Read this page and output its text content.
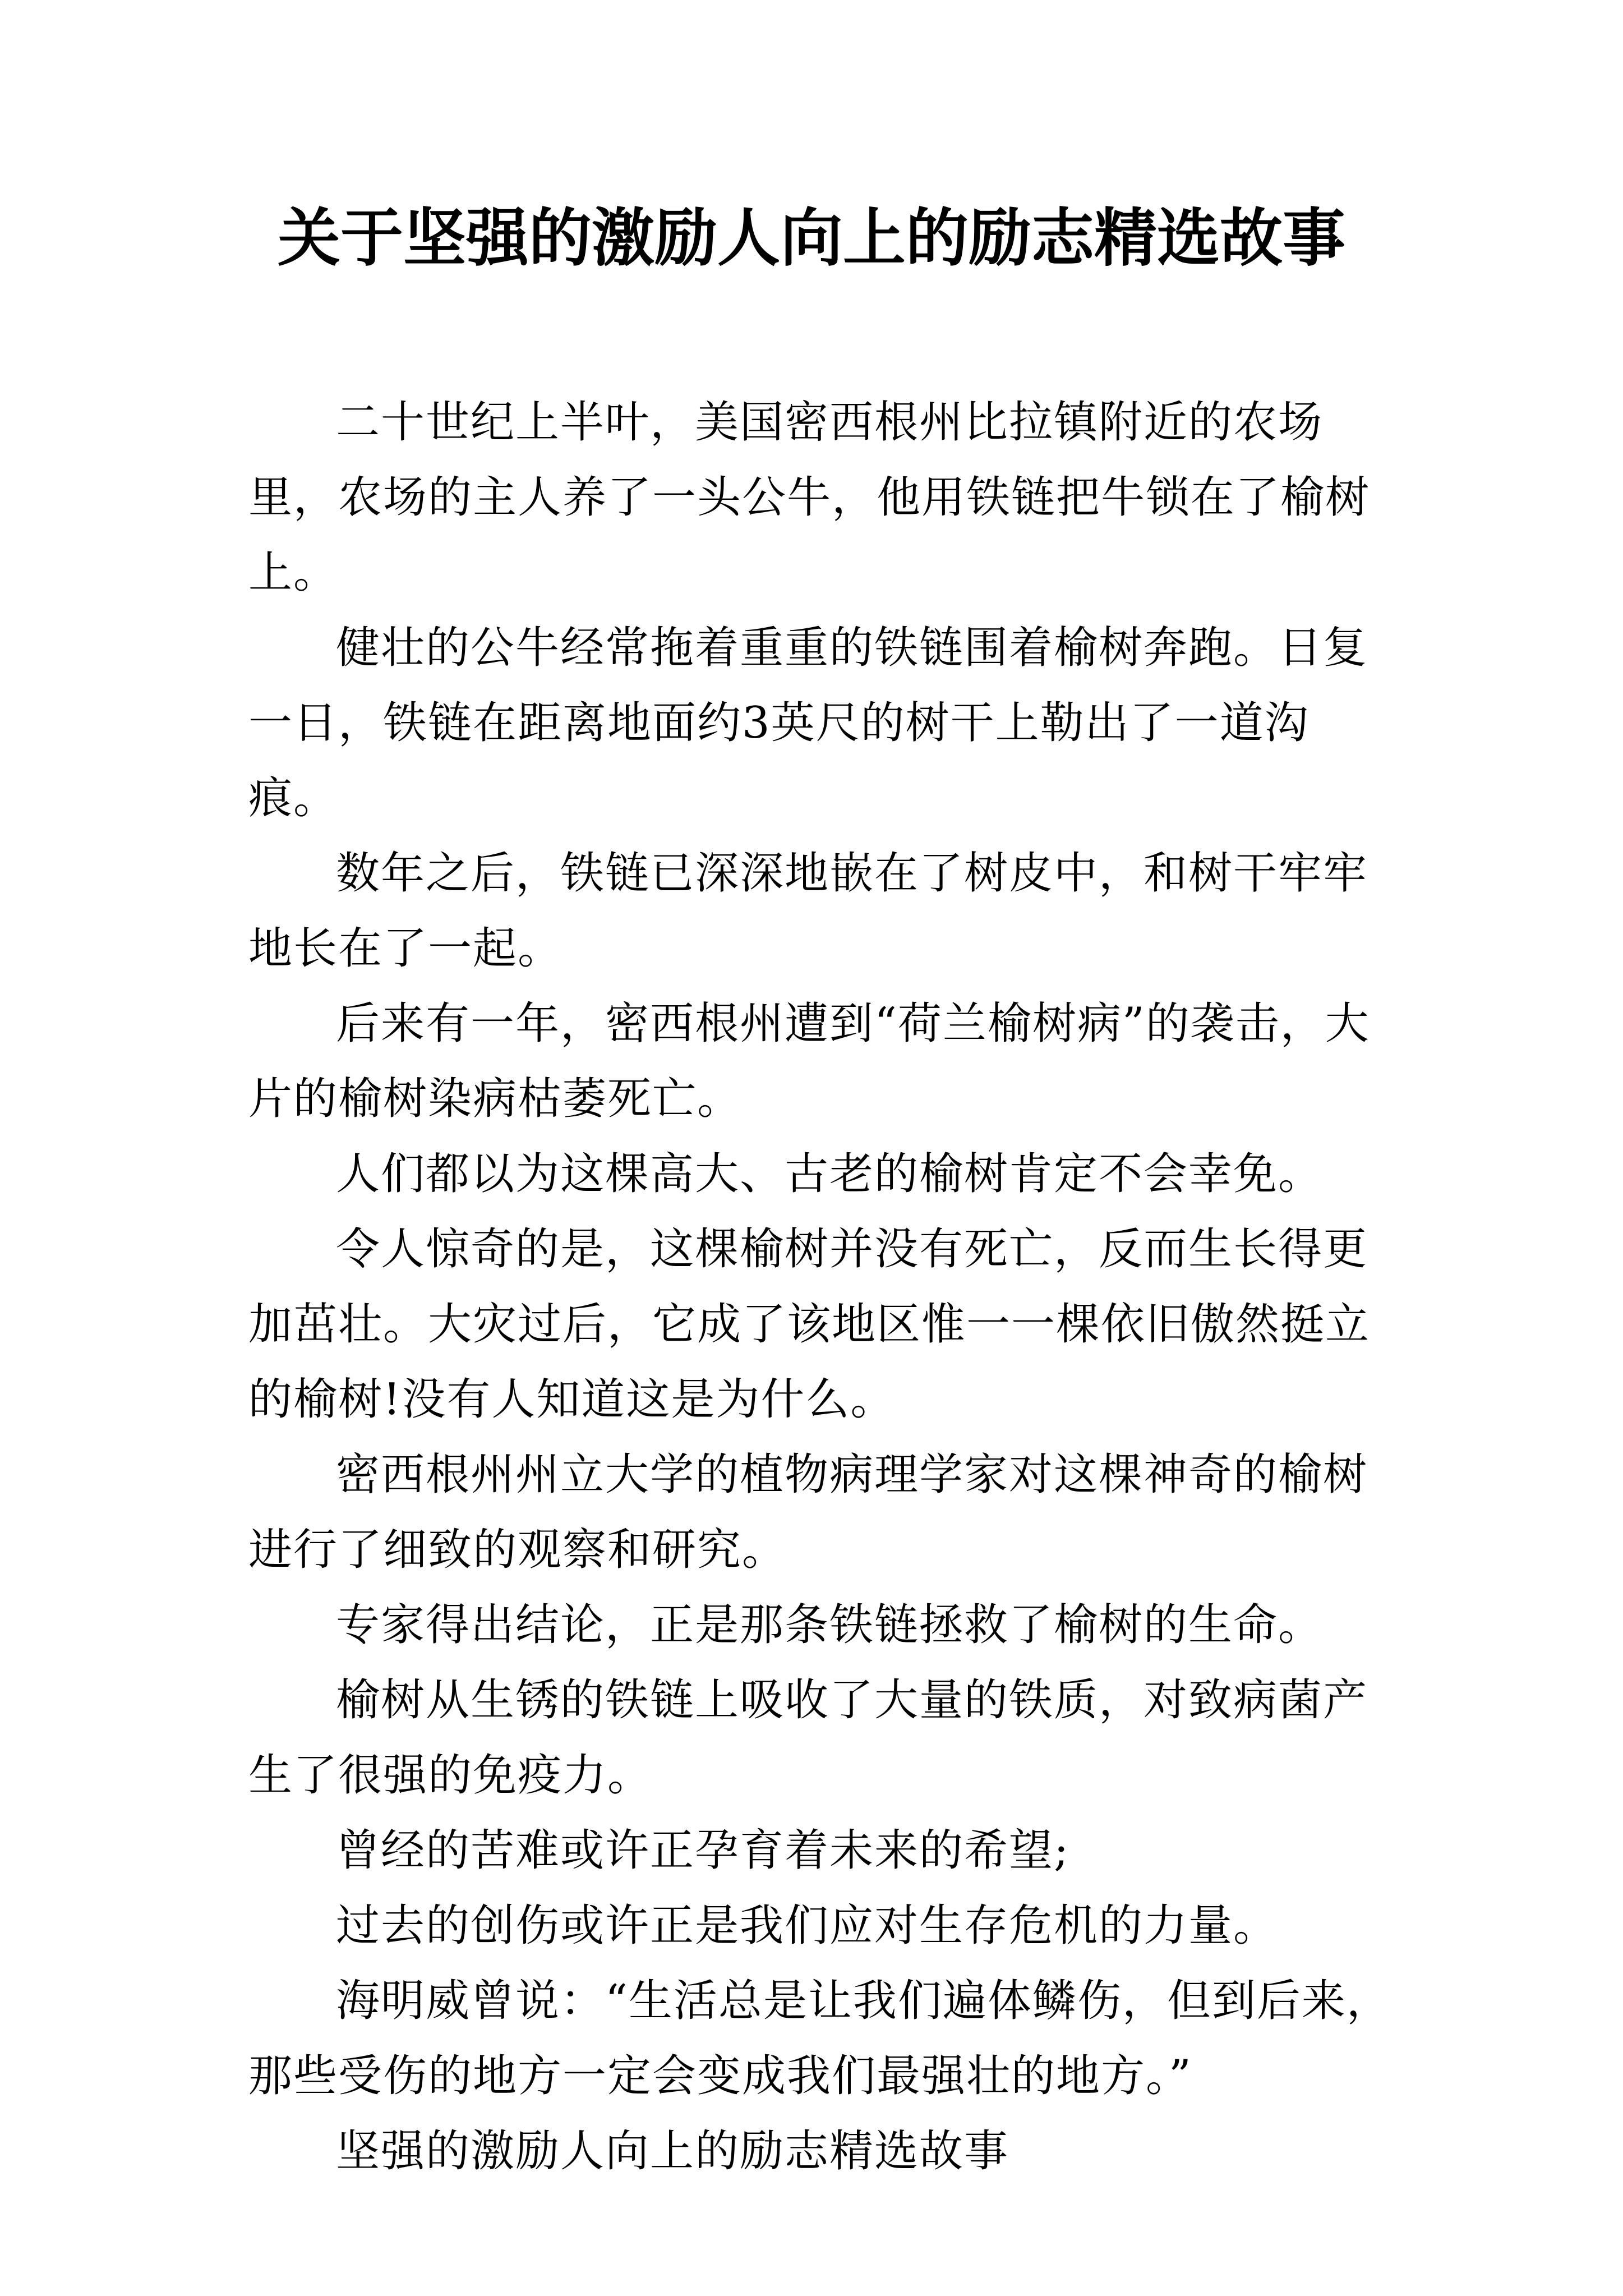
关于坚强的激励人向上的励志精选故事

二十世纪上半叶，美国密西根州比拉镇附近的农场里，农场的主人养了一头公牛，他用铁链把牛锁在了榆树上。

健壮的公牛经常拖着重重的铁链围着榆树奔跑。日复一日，铁链在距离地面约3英尺的树干上勒出了一道沟痕。

数年之后，铁链已深深地嵌在了树皮中，和树干牢牢地长在了一起。

后来有一年，密西根州遭到“荷兰榆树病”的袭击，大片的榆树染病枯萎死亡。

人们都以为这棵高大、古老的榆树肯定不会幸免。

令人惊奇的是，这棵榆树并没有死亡，反而生长得更加茁壮。大灾过后，它成了该地区惟一一棵依旧傲然挺立的榆树!没有人知道这是为什么。

密西根州州立大学的植物病理学家对这棵神奇的榆树进行了细致的观察和研究。

专家得出结论，正是那条铁链拯救了榆树的生命。

榆树从生锈的铁链上吸收了大量的铁质，对致病菌产生了很强的免疫力。

曾经的苦难或许正孕育着未来的希望;

过去的创伤或许正是我们应对生存危机的力量。

海明威曾说：“生活总是让我们遍体鳞伤，但到后来，那些受伤的地方一定会变成我们最强壮的地方。”

坚强的激励人向上的励志精选故事
